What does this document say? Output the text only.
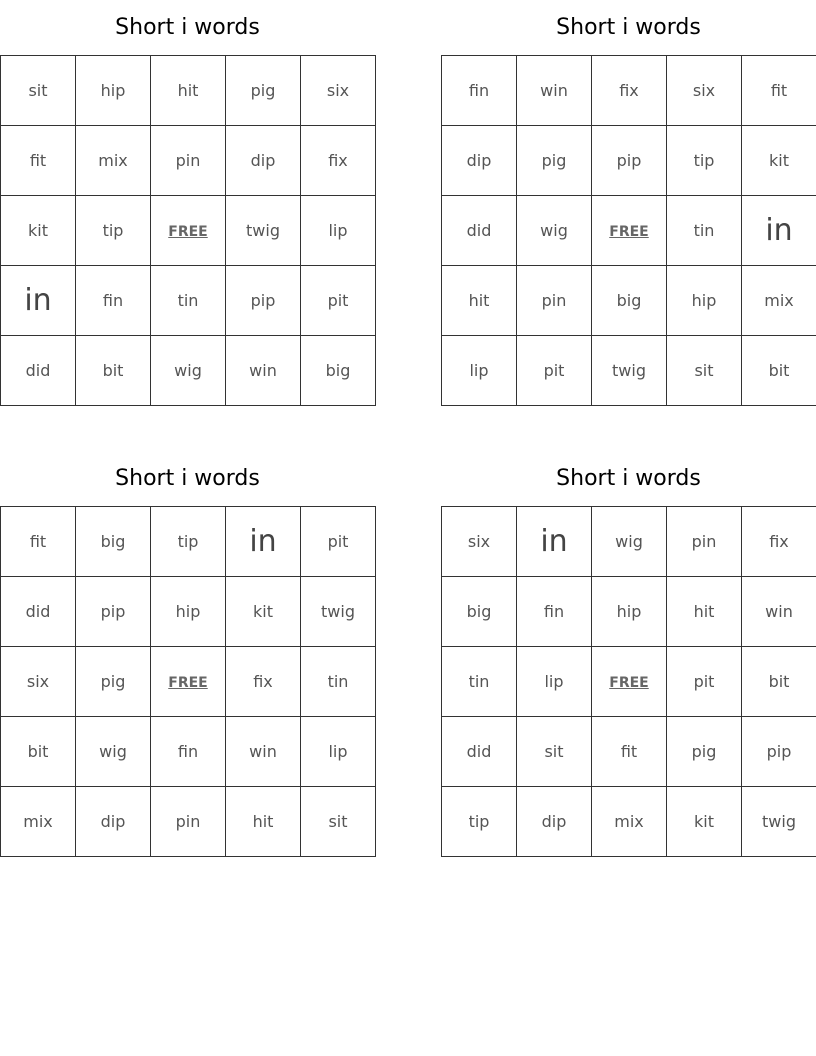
Short i words
sit	hip	hit	pig	six
fit	mix	pin	dip	fix
kit	tip	FREE	twig	lip
in	fin	tin	pip	pit
did	bit	wig	win	big
Short i words
fin	win	fix	six	fit
dip	pig	pip	tip	kit
did	wig	FREE	tin	in
hit	pin	big	hip	mix
lip	pit	twig	sit	bit
Short i words
fit	big	tip	in	pit
did	pip	hip	kit	twig
six	pig	FREE	fix	tin
bit	wig	fin	win	lip
mix	dip	pin	hit	sit
Short i words
six	in	wig	pin	fix
big	fin	hip	hit	win
tin	lip	FREE	pit	bit
did	sit	fit	pig	pip
tip	dip	mix	kit	twig
